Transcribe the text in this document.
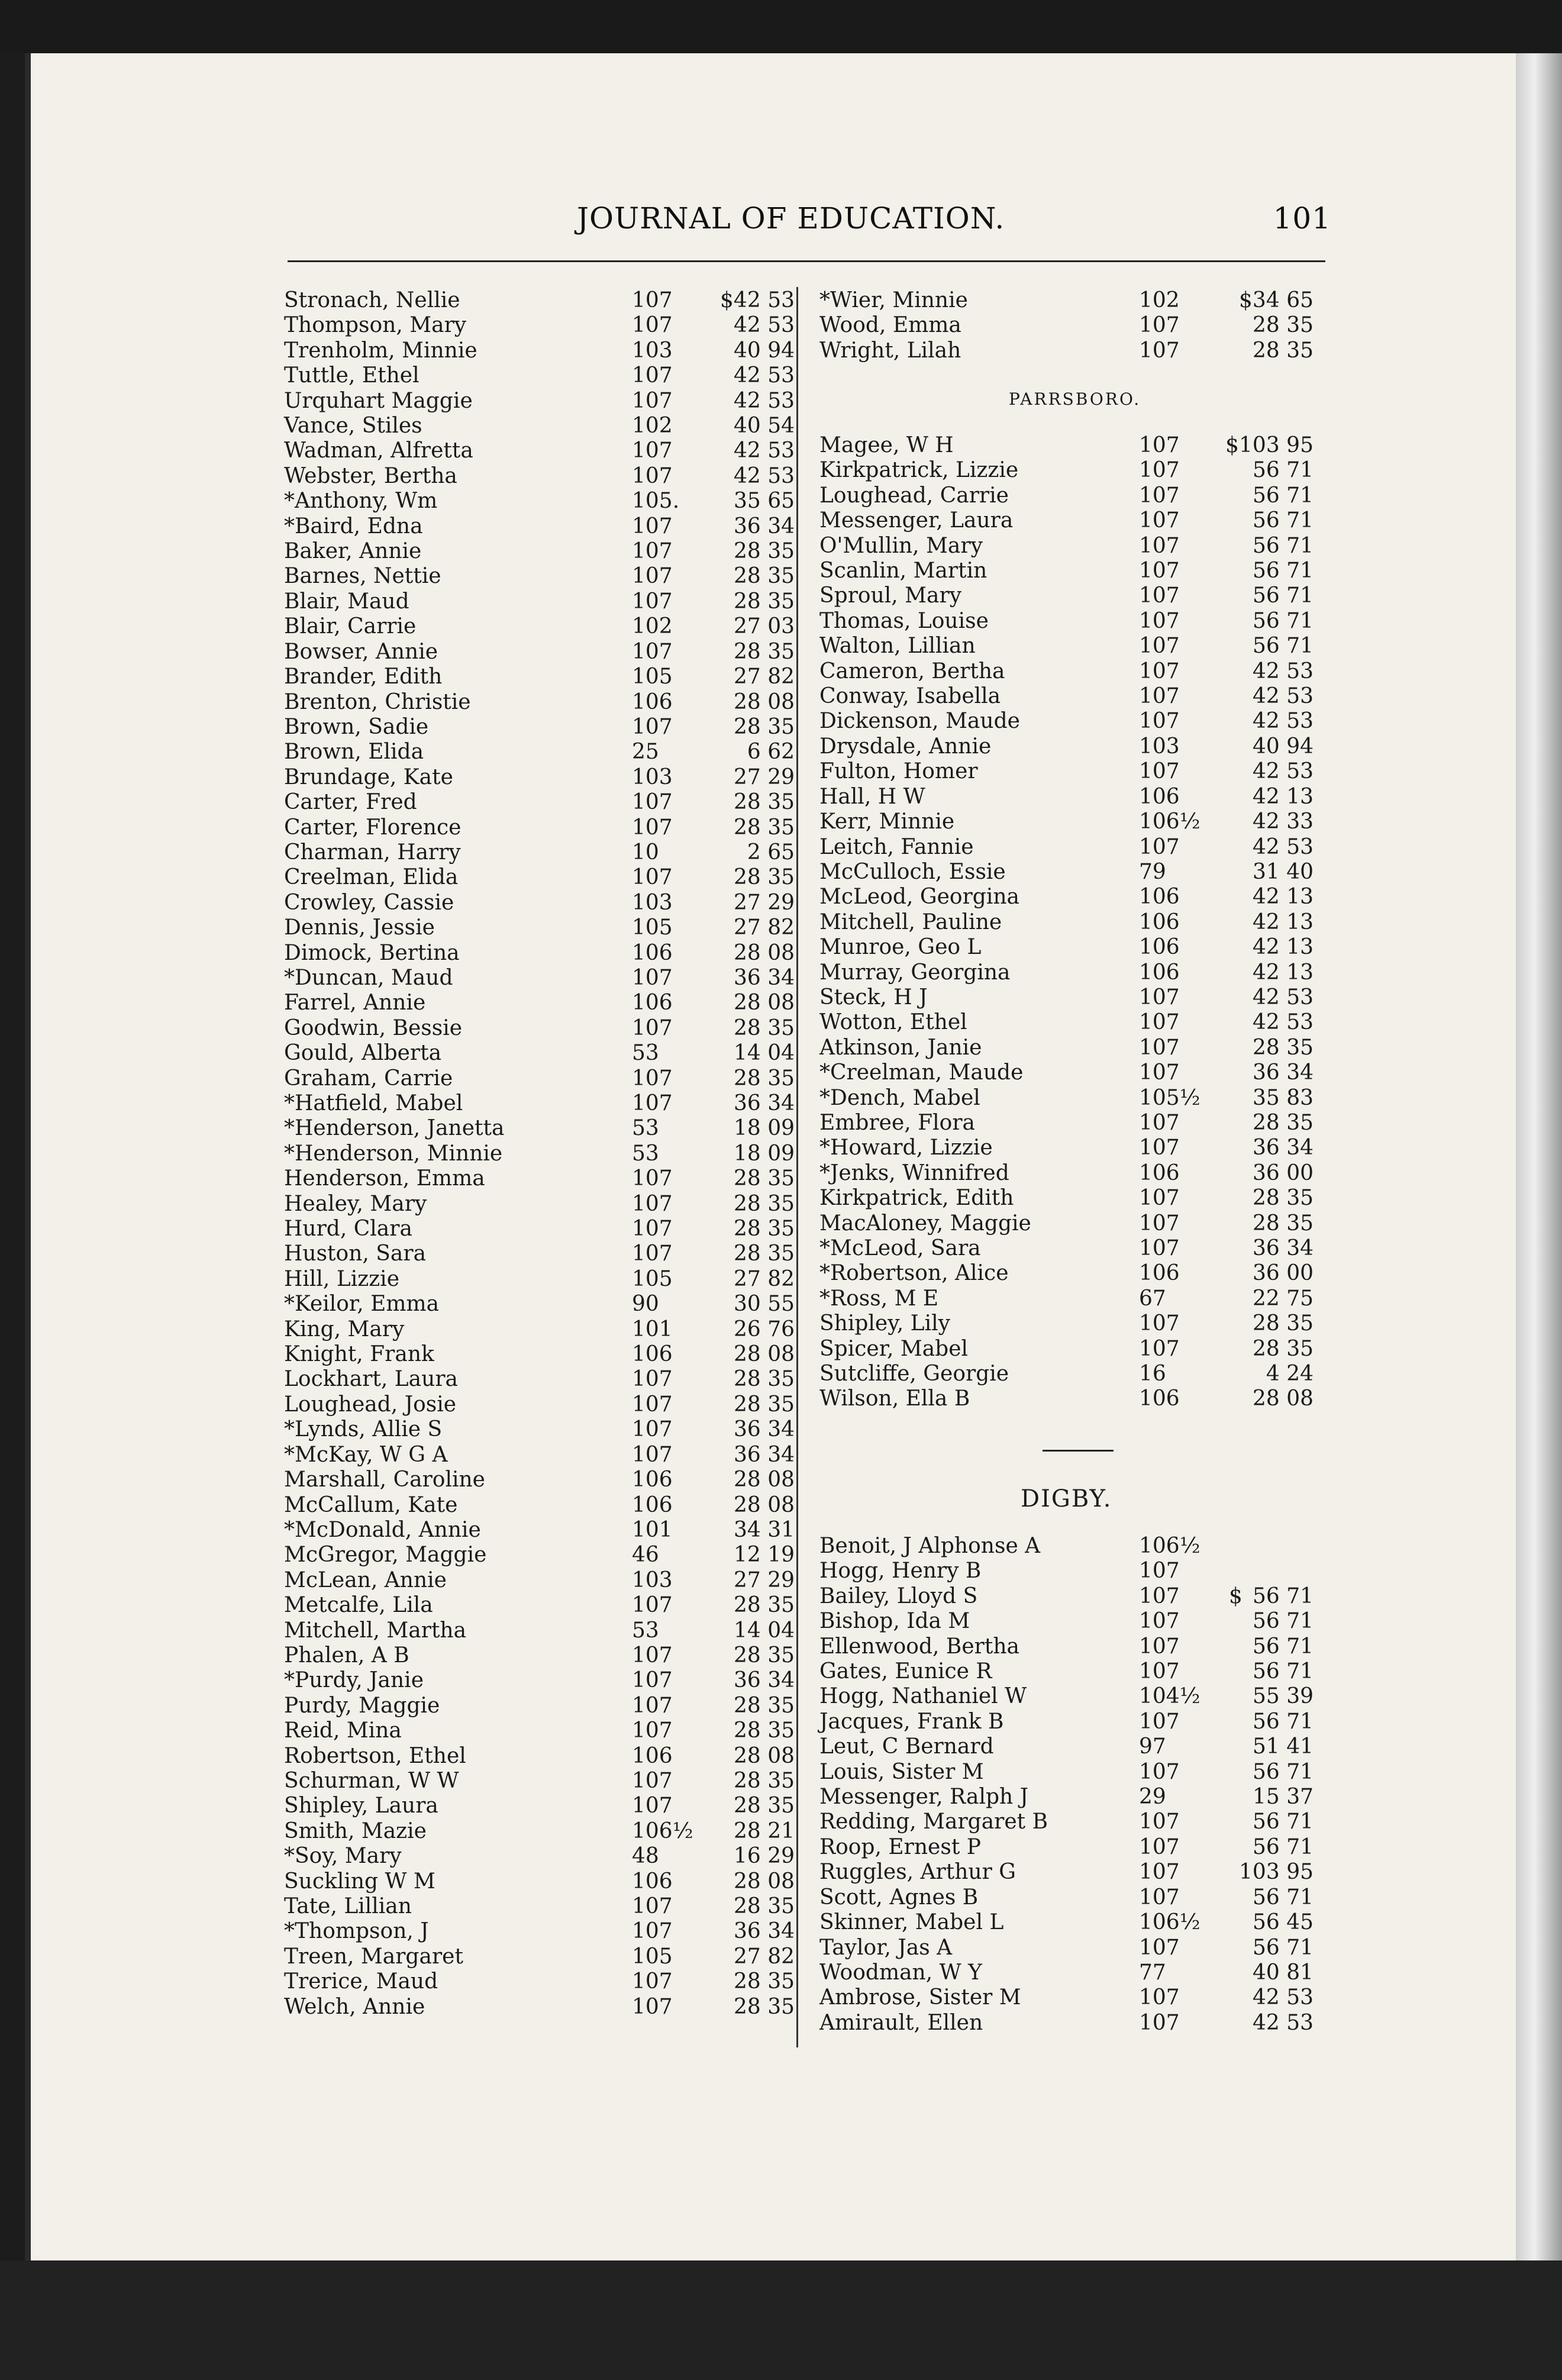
JOURNAL OF EDUCATION.	101
Stronach, Nellie	107	$42 53
Thompson, Mary	107	42 53
Trenholm, Minnie	103	40 94
Tuttle, Ethel	107	42 53
Urquhart Maggie	107	42 53
Vance, Stiles	102	40 54
Wadman, Alfretta	107	42 53
Webster, Bertha	107	42 53
*Anthony, Wm	105.	35 65
*Baird, Edna	107	36 34
Baker, Annie	107	28 35
Barnes, Nettie	107	28 35
Blair, Maud	107	28 35
Blair, Carrie	102	27 03
Bowser, Annie	107	28 35
Brander, Edith	105	27 82
Brenton, Christie	106	28 08
Brown, Sadie	107	28 35
Brown, Elida	25	6 62
Brundage, Kate	103	27 29
Carter, Fred	107	28 35
Carter, Florence	107	28 35
Charman, Harry	10	2 65
Creelman, Elida	107	28 35
Crowley, Cassie	103	27 29
Dennis, Jessie	105	27 82
Dimock, Bertina	106	28 08
*Duncan, Maud	107	36 34
Farrel, Annie	106	28 08
Goodwin, Bessie	107	28 35
Gould, Alberta	53	14 04
Graham, Carrie	107	28 35
*Hatfield, Mabel	107	36 34
*Henderson, Janetta	53	18 09
*Henderson, Minnie	53	18 09
Henderson, Emma	107	28 35
Healey, Mary	107	28 35
Hurd, Clara	107	28 35
Huston, Sara	107	28 35
Hill, Lizzie	105	27 82
*Keilor, Emma	90	30 55
King, Mary	101	26 76
Knight, Frank	106	28 08
Lockhart, Laura	107	28 35
Loughead, Josie	107	28 35
*Lynds, Allie S	107	36 34
*McKay, W G A	107	36 34
Marshall, Caroline	106	28 08
McCallum, Kate	106	28 08
*McDonald, Annie	101	34 31
McGregor, Maggie	46	12 19
McLean, Annie	103	27 29
Metcalfe, Lila	107	28 35
Mitchell, Martha	53	14 04
Phalen, A B	107	28 35
*Purdy, Janie	107	36 34
Purdy, Maggie	107	28 35
Reid, Mina	107	28 35
Robertson, Ethel	106	28 08
Schurman, W W	107	28 35
Shipley, Laura	107	28 35
Smith, Mazie	106½	28 21
*Soy, Mary	48	16 29
Suckling W M	106	28 08
Tate, Lillian	107	28 35
*Thompson, J	107	36 34
Treen, Margaret	105	27 82
Trerice, Maud	107	28 35
Welch, Annie	107	28 35
*Wier, Minnie	102	$34 65
Wood, Emma	107	28 35
Wright, Lilah	107	28 35
PARRSBORO.
Magee, W H	107	$103 95
Kirkpatrick, Lizzie	107	56 71
Loughead, Carrie	107	56 71
Messenger, Laura	107	56 71
O'Mullin, Mary	107	56 71
Scanlin, Martin	107	56 71
Sproul, Mary	107	56 71
Thomas, Louise	107	56 71
Walton, Lillian	107	56 71
Cameron, Bertha	107	42 53
Conway, Isabella	107	42 53
Dickenson, Maude	107	42 53
Drysdale, Annie	103	40 94
Fulton, Homer	107	42 53
Hall, H W	106	42 13
Kerr, Minnie	106½	42 33
Leitch, Fannie	107	42 53
McCulloch, Essie	79	31 40
McLeod, Georgina	106	42 13
Mitchell, Pauline	106	42 13
Munroe, Geo L	106	42 13
Murray, Georgina	106	42 13
Steck, H J	107	42 53
Wotton, Ethel	107	42 53
Atkinson, Janie	107	28 35
*Creelman, Maude	107	36 34
*Dench, Mabel	105½	35 83
Embree, Flora	107	28 35
*Howard, Lizzie	107	36 34
*Jenks, Winnifred	106	36 00
Kirkpatrick, Edith	107	28 35
MacAloney, Maggie	107	28 35
*McLeod, Sara	107	36 34
*Robertson, Alice	106	36 00
*Ross, M E	67	22 75
Shipley, Lily	107	28 35
Spicer, Mabel	107	28 35
Sutcliffe, Georgie	16	4 24
Wilson, Ella B	106	28 08
DIGBY.
Benoit, J Alphonse A	106½	
Hogg, Henry B	107	
Bailey, Lloyd S	107	$ 56 71
Bishop, Ida M	107	56 71
Ellenwood, Bertha	107	56 71
Gates, Eunice R	107	56 71
Hogg, Nathaniel W	104½	55 39
Jacques, Frank B	107	56 71
Leut, C Bernard	97	51 41
Louis, Sister M	107	56 71
Messenger, Ralph J	29	15 37
Redding, Margaret B	107	56 71
Roop, Ernest P	107	56 71
Ruggles, Arthur G	107	103 95
Scott, Agnes B	107	56 71
Skinner, Mabel L	106½	56 45
Taylor, Jas A	107	56 71
Woodman, W Y	77	40 81
Ambrose, Sister M	107	42 53
Amirault, Ellen	107	42 53
